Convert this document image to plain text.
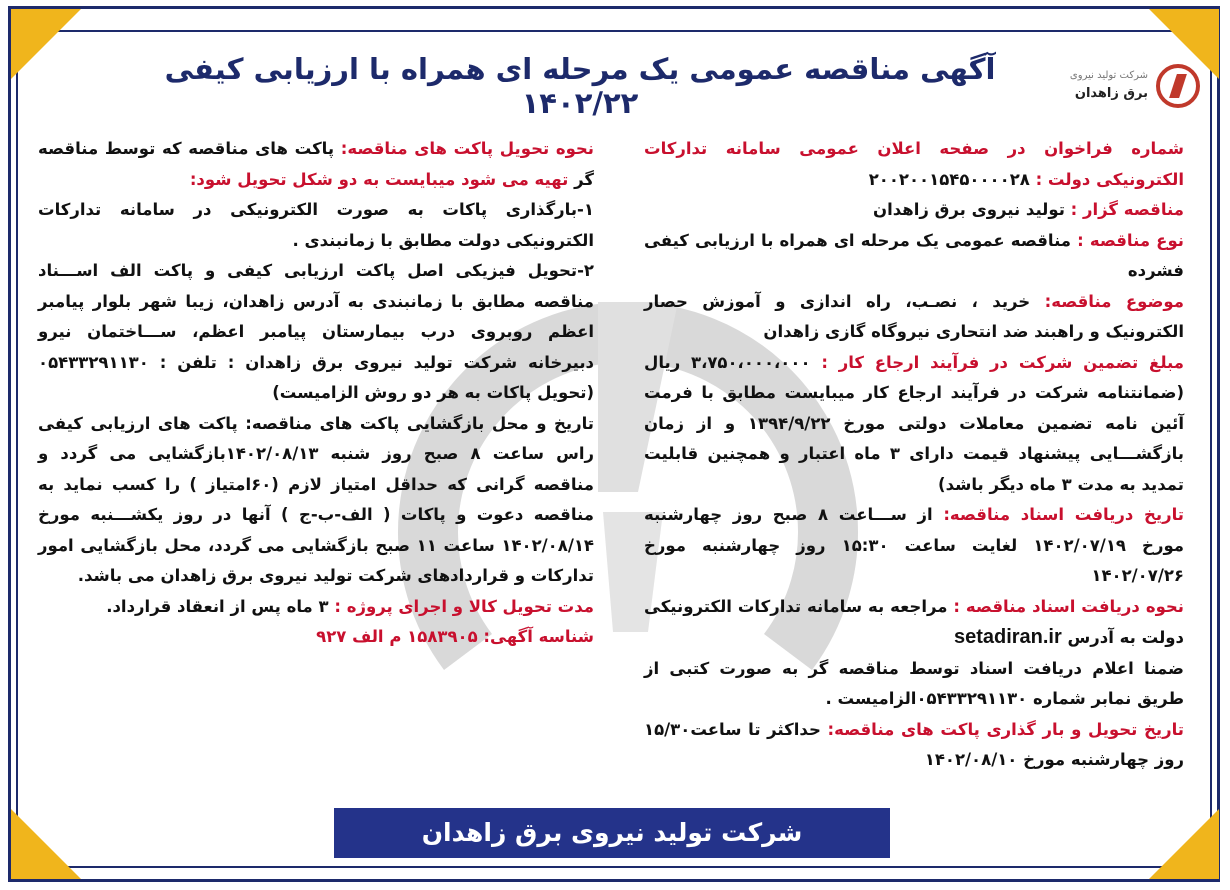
شرکت تولید نیروی
برق زاهدان
آگهی مناقصه عمومی یک مرحله ای همراه با ارزیابی کیفی ۱۴۰۲/۲۲

شماره فراخوان در صفحه اعلان عمومی سامانه تدارکات الکترونیکی دولت : ۲۰۰۲۰۰۱۵۴۵۰۰۰۰۲۸

مناقصه گزار : تولید نیروی برق زاهدان

نوع مناقصه : مناقصه عمومی یک مرحله ای همراه با ارزیابی کیفی فشرده

موضوع مناقصه: خرید ، نصـب، راه اندازی و آموزش حصار الکترونیک و راهبند ضد انتحاری نیروگاه گازی زاهدان

مبلغ تضمین شرکت در فرآیند ارجاع کار : ۳،۷۵۰،۰۰۰،۰۰۰ ریال (ضمانتنامه شرکت در فرآیند ارجاع کار میبایست مطابق با فرمت آئین نامه تضمین معاملات دولتی مورخ ۱۳۹۴/۹/۲۲ و از زمان بازگشـــایی پیشنهاد قیمت دارای ۳ ماه اعتبار و همچنین قابلیت تمدید به مدت ۳ ماه دیگر باشد)

تاریخ دریافت اسناد مناقصه: از ســـاعت ۸ صبح روز چهارشنبه مورخ ۱۴۰۲/۰۷/۱۹ لغایت ساعت ۱۵:۳۰ روز چهارشنبه مورخ ۱۴۰۲/۰۷/۲۶

نحوه دریافت اسناد مناقصه : مراجعه به سامانه تدارکات الکترونیکی دولت به آدرس setadiran.ir

ضمنا اعلام دریافت اسناد توسط مناقصه گر به صورت کتبی از طریق نمابر شماره ۰۵۴۳۳۲۹۱۱۳۰الزامیست .

تاریخ تحویل و بار گذاری پاکت های مناقصه: حداکثر تا ساعت۱۵/۳۰ روز چهارشنبه مورخ ۱۴۰۲/۰۸/۱۰

نحوه تحویل پاکت های مناقصه: پاکت های مناقصه که توسط مناقصه گر تهیه می شود میبایست به دو شکل تحویل شود:

۱-بارگذاری پاکات به صورت الکترونیکی در سامانه تدارکات الکترونیکی دولت مطابق با زمانبندی .

۲-تحویل فیزیکی اصل پاکت ارزیابی کیفی و پاکت الف اســـناد مناقصه مطابق با زمانبندی به آدرس زاهدان، زیبا شهر بلوار پیامبر اعظم روبروی درب بیمارستان پیامبر اعظم، ســـاختمان نیرو دبیرخانه شرکت تولید نیروی برق زاهدان : تلفن : ۰۵۴۳۳۲۹۱۱۳۰ (تحویل پاکات به هر دو روش الزامیست)

تاریخ و محل بازگشایی پاکت های مناقصه: پاکت های ارزیابی کیفی راس ساعت ۸ صبح روز شنبه ۱۴۰۲/۰۸/۱۳بازگشایی می گردد و مناقصه گرانی که حداقل امتیاز لازم (۶۰امتیاز ) را کسب نماید به مناقصه دعوت و پاکات ( الف-ب-ج ) آنها در روز یکشـــنبه مورخ ۱۴۰۲/۰۸/۱۴ ساعت ۱۱ صبح بازگشایی می گردد، محل بازگشایی امور تدارکات و قراردادهای شرکت تولید نیروی برق زاهدان می باشد.

مدت تحویل کالا و اجرای پروژه : ۳ ماه پس از انعقاد قرارداد.

شناسه آگهی: ۱۵۸۳۹۰۵ م الف ۹۲۷

شرکت تولید نیروی برق زاهدان
